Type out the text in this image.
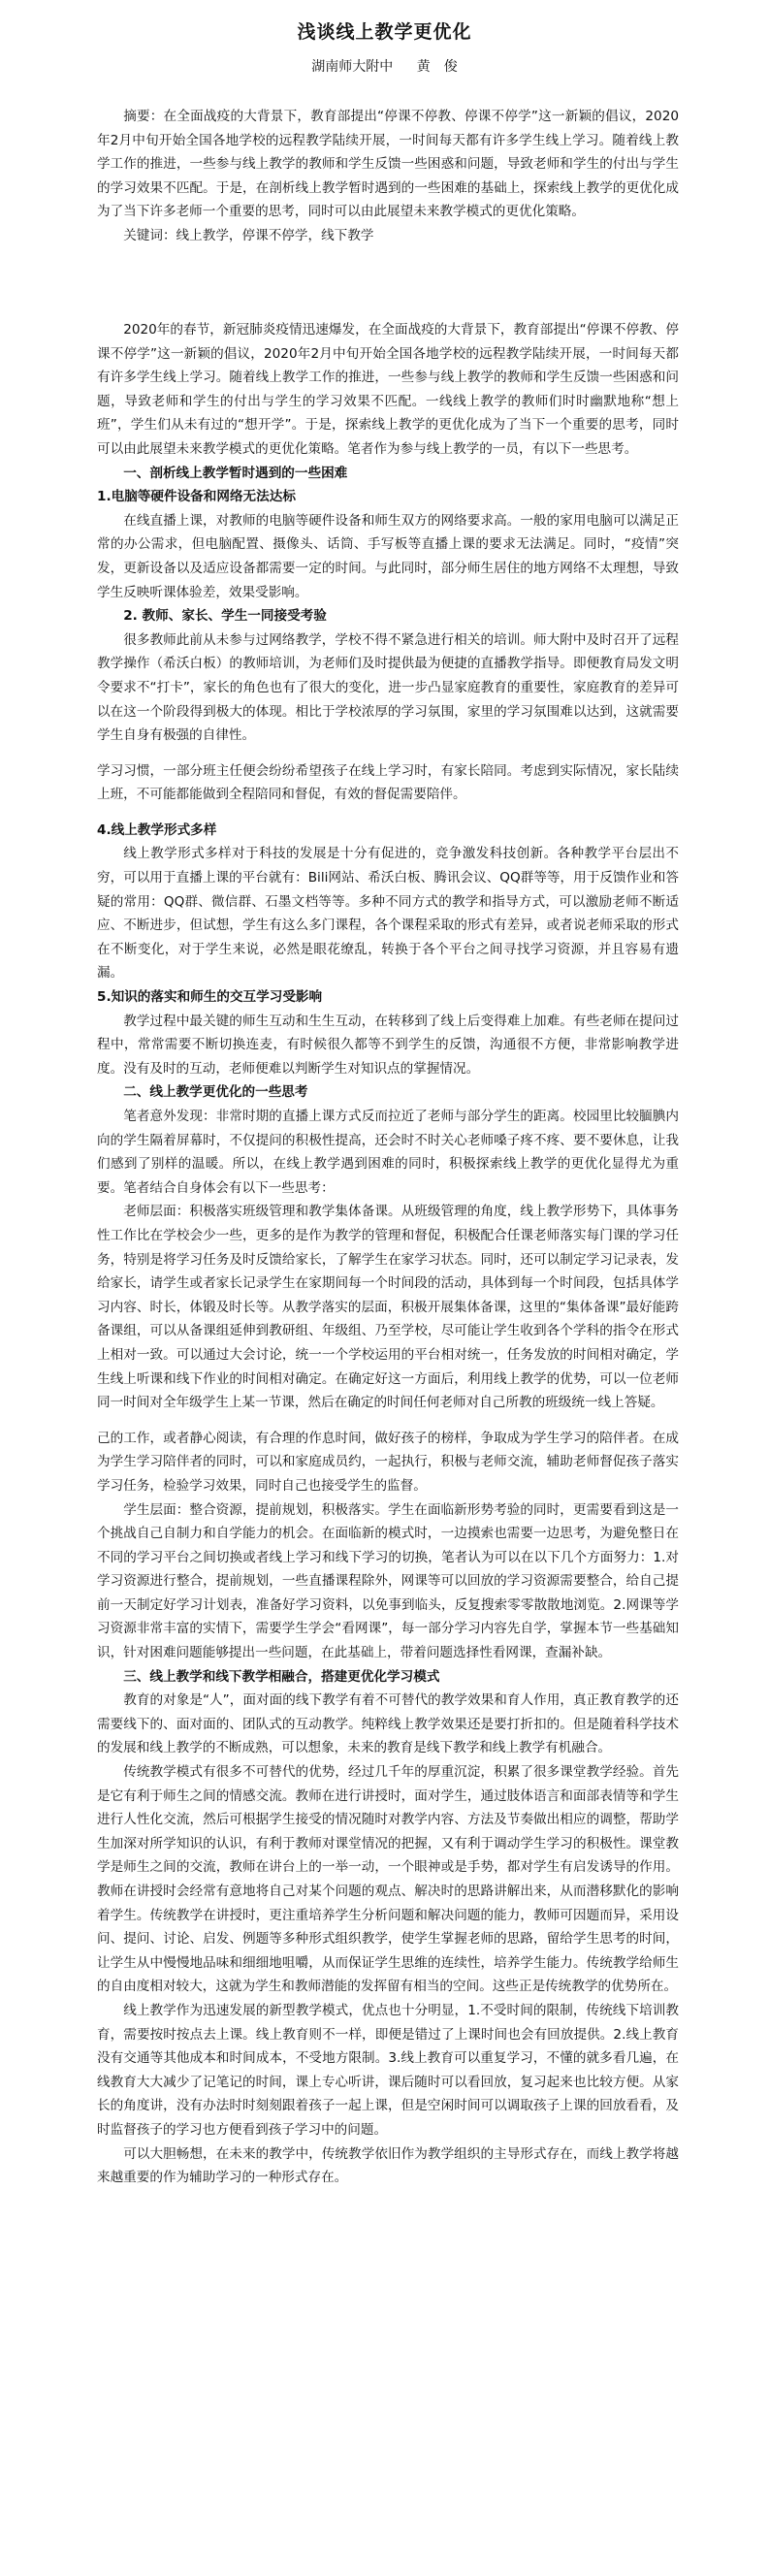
浅谈线上教学更优化
湖南师大附中 黄　俊

摘要：在全面战疫的大背景下，教育部提出“停课不停教、停课不停学”这一新颖的倡议，2020年2月中旬开始全国各地学校的远程教学陆续开展，一时间每天都有许多学生线上学习。随着线上教学工作的推进，一些参与线上教学的教师和学生反馈一些困惑和问题，导致老师和学生的付出与学生的学习效果不匹配。于是，在剖析线上教学暂时遇到的一些困难的基础上，探索线上教学的更优化成为了当下许多老师一个重要的思考，同时可以由此展望未来教学模式的更优化策略。

关键词：线上教学，停课不停学，线下教学

2020年的春节，新冠肺炎疫情迅速爆发，在全面战疫的大背景下，教育部提出“停课不停教、停课不停学”这一新颖的倡议，2020年2月中旬开始全国各地学校的远程教学陆续开展，一时间每天都有许多学生线上学习。随着线上教学工作的推进，一些参与线上教学的教师和学生反馈一些困惑和问题，导致老师和学生的付出与学生的学习效果不匹配。一线线上教学的教师们时时幽默地称“想上班”，学生们从未有过的“想开学”。于是，探索线上教学的更优化成为了当下一个重要的思考，同时可以由此展望未来教学模式的更优化策略。笔者作为参与线上教学的一员，有以下一些思考。

一、剖析线上教学暂时遇到的一些困难

1.电脑等硬件设备和网络无法达标

在线直播上课，对教师的电脑等硬件设备和师生双方的网络要求高。一般的家用电脑可以满足正常的办公需求，但电脑配置、摄像头、话筒、手写板等直播上课的要求无法满足。同时，“疫情”突发，更新设备以及适应设备都需要一定的时间。与此同时，部分师生居住的地方网络不太理想，导致学生反映听课体验差，效果受影响。

2. 教师、家长、学生一同接受考验

很多教师此前从未参与过网络教学，学校不得不紧急进行相关的培训。师大附中及时召开了远程教学操作（希沃白板）的教师培训，为老师们及时提供最为便捷的直播教学指导。即便教育局发文明令要求不“打卡”，家长的角色也有了很大的变化，进一步凸显家庭教育的重要性，家庭教育的差异可以在这一个阶段得到极大的体现。相比于学校浓厚的学习氛围，家里的学习氛围难以达到，这就需要学生自身有极强的自律性。

学习习惯，一部分班主任便会纷纷希望孩子在线上学习时，有家长陪同。考虑到实际情况，家长陆续上班，不可能都能做到全程陪同和督促，有效的督促需要陪伴。

4.线上教学形式多样

线上教学形式多样对于科技的发展是十分有促进的，竞争激发科技创新。各种教学平台层出不穷，可以用于直播上课的平台就有：Bili网站、希沃白板、腾讯会议、QQ群等等，用于反馈作业和答疑的常用：QQ群、微信群、石墨文档等等。多种不同方式的教学和指导方式，可以激励老师不断适应、不断进步，但试想，学生有这么多门课程，各个课程采取的形式有差异，或者说老师采取的形式在不断变化，对于学生来说，必然是眼花缭乱，转换于各个平台之间寻找学习资源，并且容易有遗漏。

5.知识的落实和师生的交互学习受影响

教学过程中最关键的师生互动和生生互动，在转移到了线上后变得难上加难。有些老师在提问过程中，常常需要不断切换连麦，有时候很久都等不到学生的反馈，沟通很不方便，非常影响教学进度。没有及时的互动，老师便难以判断学生对知识点的掌握情况。

二、线上教学更优化的一些思考

笔者意外发现：非常时期的直播上课方式反而拉近了老师与部分学生的距离。校园里比较腼腆内向的学生隔着屏幕时，不仅提问的积极性提高，还会时不时关心老师嗓子疼不疼、要不要休息，让我们感到了别样的温暖。所以，在线上教学遇到困难的同时，积极探索线上教学的更优化显得尤为重要。笔者结合自身体会有以下一些思考：

老师层面：积极落实班级管理和教学集体备课。从班级管理的角度，线上教学形势下，具体事务性工作比在学校会少一些，更多的是作为教学的管理和督促，积极配合任课老师落实每门课的学习任务，特别是将学习任务及时反馈给家长，了解学生在家学习状态。同时，还可以制定学习记录表，发给家长，请学生或者家长记录学生在家期间每一个时间段的活动，具体到每一个时间段，包括具体学习内容、时长，体锻及时长等。从教学落实的层面，积极开展集体备课，这里的“集体备课”最好能跨备课组，可以从备课组延伸到教研组、年级组、乃至学校，尽可能让学生收到各个学科的指令在形式上相对一致。可以通过大会讨论，统一一个学校运用的平台相对统一，任务发放的时间相对确定，学生线上听课和线下作业的时间相对确定。在确定好这一方面后，利用线上教学的优势，可以一位老师同一时间对全年级学生上某一节课，然后在确定的时间任何老师对自己所教的班级统一线上答疑。

己的工作，或者静心阅读，有合理的作息时间，做好孩子的榜样，争取成为学生学习的陪伴者。在成为学生学习陪伴者的同时，可以和家庭成员约，一起执行，积极与老师交流，辅助老师督促孩子落实学习任务，检验学习效果，同时自己也接受学生的监督。

学生层面：整合资源，提前规划，积极落实。学生在面临新形势考验的同时，更需要看到这是一个挑战自己自制力和自学能力的机会。在面临新的模式时，一边摸索也需要一边思考，为避免整日在不同的学习平台之间切换或者线上学习和线下学习的切换，笔者认为可以在以下几个方面努力：1.对学习资源进行整合，提前规划，一些直播课程除外，网课等可以回放的学习资源需要整合，给自己提前一天制定好学习计划表，准备好学习资料，以免事到临头，反复搜索零零散散地浏览。2.网课等学习资源非常丰富的实情下，需要学生学会“看网课”，每一部分学习内容先自学，掌握本节一些基础知识，针对困难问题能够提出一些问题，在此基础上，带着问题选择性看网课，查漏补缺。

三、线上教学和线下教学相融合，搭建更优化学习模式

教育的对象是“人”，面对面的线下教学有着不可替代的教学效果和育人作用，真正教育教学的还需要线下的、面对面的、团队式的互动教学。纯粹线上教学效果还是要打折扣的。但是随着科学技术的发展和线上教学的不断成熟，可以想象，未来的教育是线下教学和线上教学有机融合。

传统教学模式有很多不可替代的优势，经过几千年的厚重沉淀，积累了很多课堂教学经验。首先是它有利于师生之间的情感交流。教师在进行讲授时，面对学生，通过肢体语言和面部表情等和学生进行人性化交流，然后可根据学生接受的情况随时对教学内容、方法及节奏做出相应的调整，帮助学生加深对所学知识的认识，有利于教师对课堂情况的把握，又有利于调动学生学习的积极性。课堂教学是师生之间的交流，教师在讲台上的一举一动，一个眼神或是手势，都对学生有启发诱导的作用。教师在讲授时会经常有意地将自己对某个问题的观点、解决时的思路讲解出来，从而潜移默化的影响着学生。传统教学在讲授时，更注重培养学生分析问题和解决问题的能力，教师可因题而异，采用设问、提问、讨论、启发、例题等多种形式组织教学，使学生掌握老师的思路，留给学生思考的时间，让学生从中慢慢地品味和细细地咀嚼，从而保证学生思维的连续性，培养学生能力。传统教学给师生的自由度相对较大，这就为学生和教师潜能的发挥留有相当的空间。这些正是传统教学的优势所在。

线上教学作为迅速发展的新型教学模式，优点也十分明显，1.不受时间的限制，传统线下培训教育，需要按时按点去上课。线上教育则不一样，即便是错过了上课时间也会有回放提供。2.线上教育没有交通等其他成本和时间成本，不受地方限制。3.线上教育可以重复学习，不懂的就多看几遍，在线教育大大减少了记笔记的时间，课上专心听讲，课后随时可以看回放，复习起来也比较方便。从家长的角度讲，没有办法时时刻刻跟着孩子一起上课，但是空闲时间可以调取孩子上课的回放看看，及时监督孩子的学习也方便看到孩子学习中的问题。

可以大胆畅想，在未来的教学中，传统教学依旧作为教学组织的主导形式存在，而线上教学将越来越重要的作为辅助学习的一种形式存在。
